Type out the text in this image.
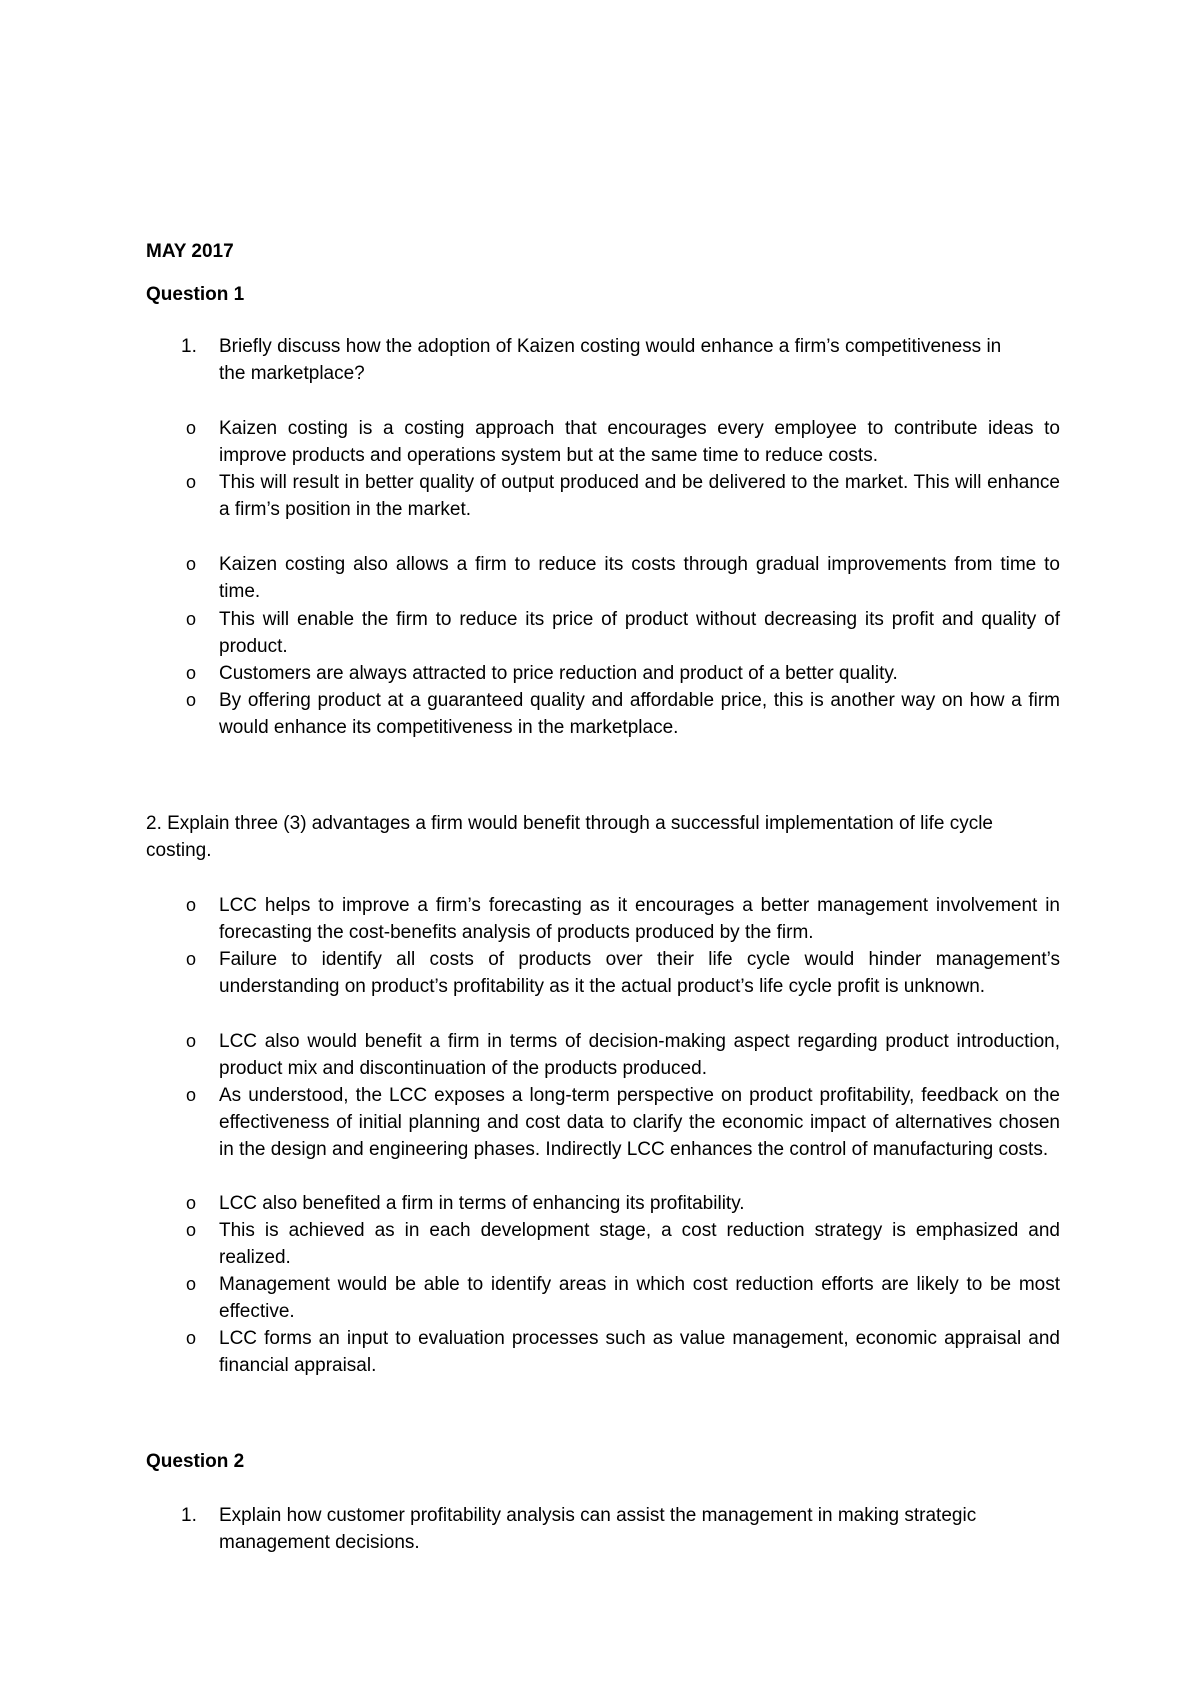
MAY 2017
Question 1
1. Briefly discuss how the adoption of Kaizen costing would enhance a firm’s competitiveness in
the marketplace?
o Kaizen costing is a costing approach that encourages every employee to contribute ideas to improve products and operations system but at the same time to reduce costs.

o This will result in better quality of output produced and be delivered to the market. This will enhance a firm’s position in the market.

o Kaizen costing also allows a firm to reduce its costs through gradual improvements from time to time.

o This will enable the firm to reduce its price of product without decreasing its profit and quality of product.

o Customers are always attracted to price reduction and product of a better quality.

o By offering product at a guaranteed quality and affordable price, this is another way on how a firm would enhance its competitiveness in the marketplace.

2. Explain three (3) advantages a firm would benefit through a successful implementation of life cycle
costing.
o LCC helps to improve a firm’s forecasting as it encourages a better management involvement in forecasting the cost-benefits analysis of products produced by the firm.

o Failure to identify all costs of products over their life cycle would hinder management’s understanding on product’s profitability as it the actual product’s life cycle profit is unknown.

o LCC also would benefit a firm in terms of decision-making aspect regarding product introduction, product mix and discontinuation of the products produced.

o As understood, the LCC exposes a long-term perspective on product profitability, feedback on the effectiveness of initial planning and cost data to clarify the economic impact of alternatives chosen in the design and engineering phases. Indirectly LCC enhances the control of manufacturing costs.

o LCC also benefited a firm in terms of enhancing its profitability.

o This is achieved as in each development stage, a cost reduction strategy is emphasized and realized.

o Management would be able to identify areas in which cost reduction efforts are likely to be most effective.

o LCC forms an input to evaluation processes such as value management, economic appraisal and financial appraisal.

Question 2
1. Explain how customer profitability analysis can assist the management in making strategic
management decisions.
